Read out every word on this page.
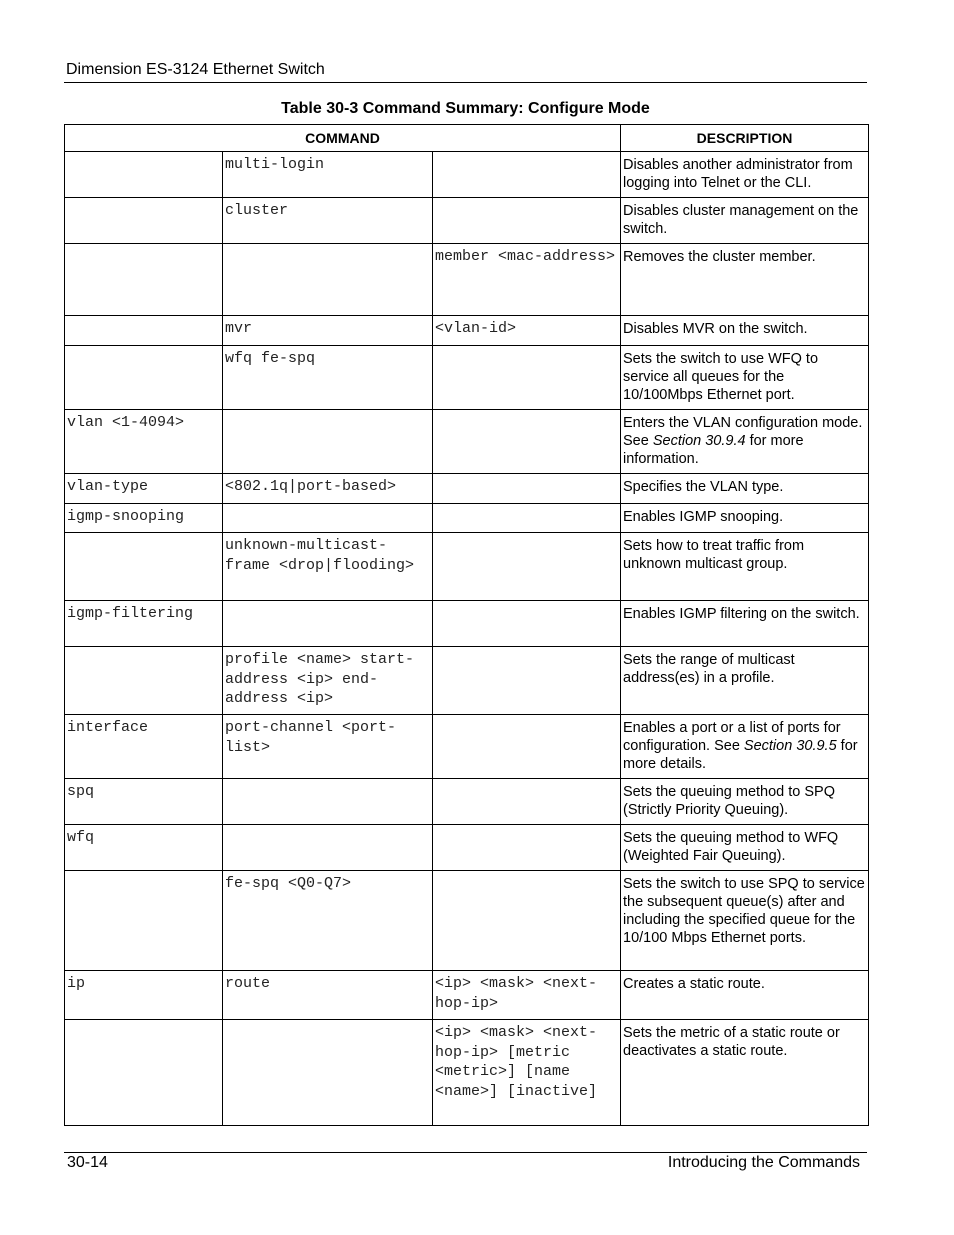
Dimension ES-3124 Ethernet Switch
Table 30-3 Command Summary: Configure Mode
COMMAND			DESCRIPTION

	multi-login		Disables another administrator from logging into Telnet or the CLI.

	cluster		Disables cluster management on the switch.

		member <mac-address>	Removes the cluster member.

	mvr	<vlan-id>	Disables MVR on the switch.

	wfq fe-spq		Sets the switch to use WFQ to service all queues for the 10/100Mbps Ethernet port.

vlan <1-4094>			Enters the VLAN configuration mode. See Section 30.9.4 for more information.

vlan-type	<802.1q|port-based>		Specifies the VLAN type.

igmp-snooping			Enables IGMP snooping.

	unknown-multicast-frame <drop|flooding>		Sets how to treat traffic from unknown multicast group.

igmp-filtering			Enables IGMP filtering on the switch.

	profile <name> start-address <ip> end-address <ip>		Sets the range of multicast address(es) in a profile.

interface	port-channel <port-list>		Enables a port or a list of ports for configuration. See Section 30.9.5 for more details.

spq			Sets the queuing method to SPQ (Strictly Priority Queuing).

wfq			Sets the queuing method to WFQ (Weighted Fair Queuing).

	fe-spq <Q0-Q7>		Sets the switch to use SPQ to service the subsequent queue(s) after and including the specified queue for the 10/100 Mbps Ethernet ports.

ip	route	<ip> <mask> <next-hop-ip>	Creates a static route.

		<ip> <mask> <next-hop-ip> [metric <metric>] [name <name>] [inactive]	Sets the metric of a static route or deactivates a static route.
30-14	Introducing the Commands
